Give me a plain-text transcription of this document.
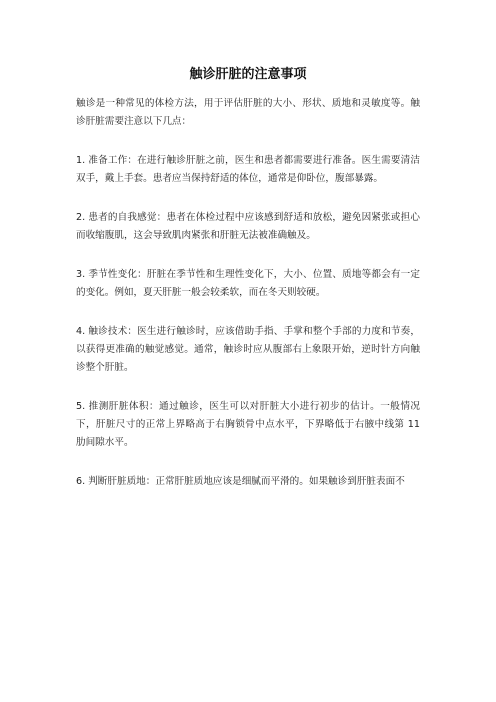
触诊肝脏的注意事项

触诊是一种常见的体检方法，用于评估肝脏的大小、形状、质地和灵敏度等。触诊肝脏需要注意以下几点：

1. 准备工作：在进行触诊肝脏之前，医生和患者都需要进行准备。医生需要清洁双手，戴上手套。患者应当保持舒适的体位，通常是仰卧位，腹部暴露。

2. 患者的自我感觉：患者在体检过程中应该感到舒适和放松，避免因紧张或担心而收缩腹肌，这会导致肌肉紧张和肝脏无法被准确触及。

3. 季节性变化：肝脏在季节性和生理性变化下，大小、位置、质地等都会有一定的变化。例如，夏天肝脏一般会较柔软，而在冬天则较硬。

4. 触诊技术：医生进行触诊时，应该借助手指、手掌和整个手部的力度和节奏，以获得更准确的触觉感觉。通常，触诊时应从腹部右上象限开始，逆时针方向触诊整个肝脏。

5. 推测肝脏体积：通过触诊，医生可以对肝脏大小进行初步的估计。一般情况下，肝脏尺寸的正常上界略高于右胸锁骨中点水平，下界略低于右腋中线第 11 肋间隙水平。

6. 判断肝脏质地：正常肝脏质地应该是细腻而平滑的。如果触诊到肝脏表面不
